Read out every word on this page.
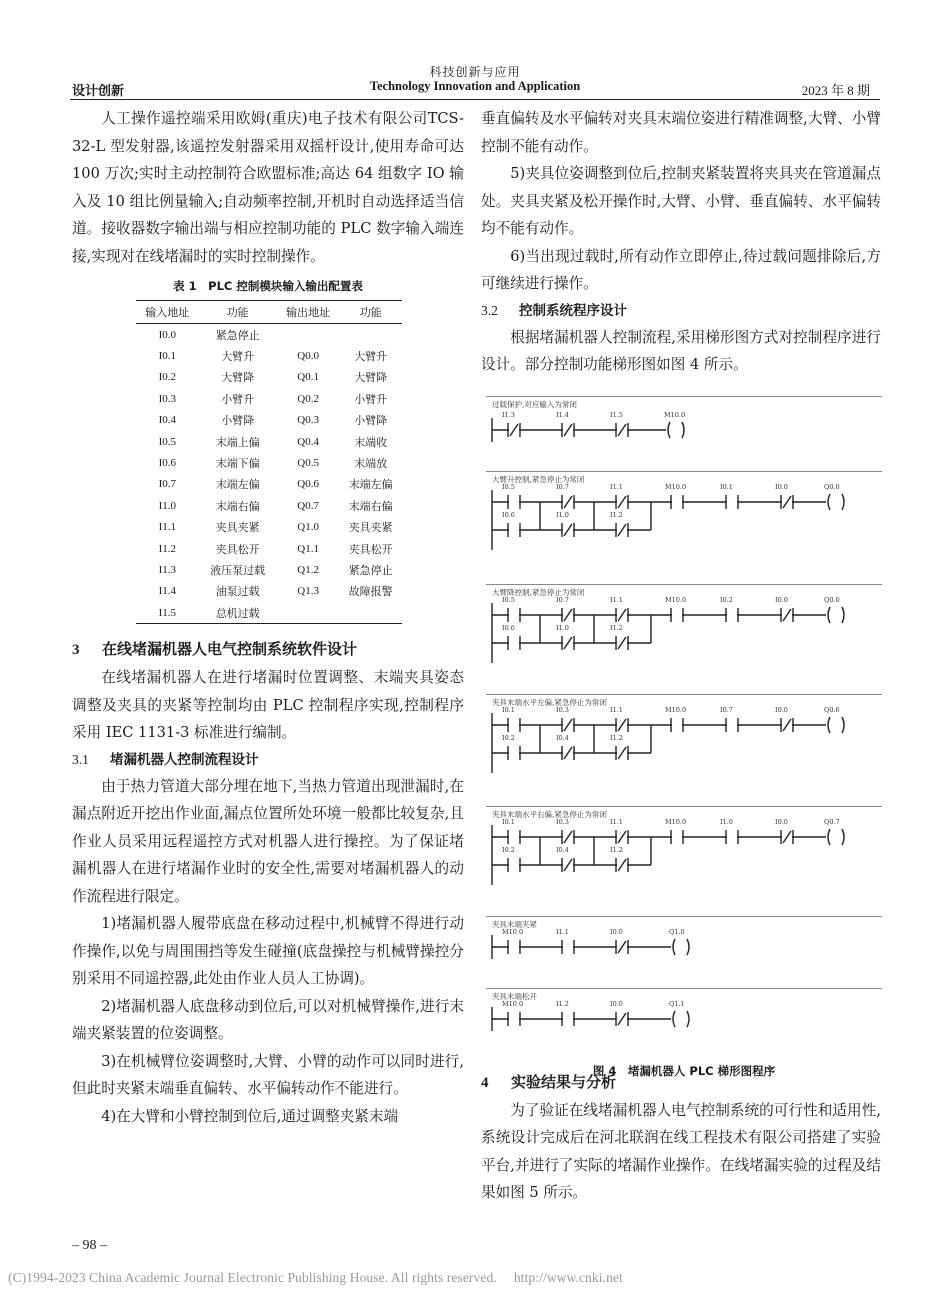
科技创新与应用
Technology Innovation and Application
设计创新	2023 年 8 期

人工操作遥控端采用欧姆(重庆)电子技术有限公司TCS-32-L 型发射器,该遥控发射器采用双摇杆设计,使用寿命可达 100 万次;实时主动控制符合欧盟标准;高达 64 组数字 IO 输入及 10 组比例量输入;自动频率控制,开机时自动选择适当信道。接收器数字输出端与相应控制功能的 PLC 数字输入端连接,实现对在线堵漏时的实时控制操作。

表 1　PLC 控制模块输入输出配置表
输入地址	功能	输出地址	功能
I0.0	紧急停止		
I0.1	大臂升	Q0.0	大臂升
I0.2	大臂降	Q0.1	大臂降
I0.3	小臂升	Q0.2	小臂升
I0.4	小臂降	Q0.3	小臂降
I0.5	末端上偏	Q0.4	末端收
I0.6	末端下偏	Q0.5	末端放
I0.7	末端左偏	Q0.6	末端左偏
I1.0	末端右偏	Q0.7	末端右偏
I1.1	夹具夹紧	Q1.0	夹具夹紧
I1.2	夹具松开	Q1.1	夹具松开
I1.3	液压泵过载	Q1.2	紧急停止
I1.4	油泵过载	Q1.3	故障报警
I1.5	总机过载		
3 在线堵漏机器人电气控制系统软件设计

在线堵漏机器人在进行堵漏时位置调整、末端夹具姿态调整及夹具的夹紧等控制均由 PLC 控制程序实现,控制程序采用 IEC 1131-3 标准进行编制。

3.1 堵漏机器人控制流程设计

由于热力管道大部分埋在地下,当热力管道出现泄漏时,在漏点附近开挖出作业面,漏点位置所处环境一般都比较复杂,且作业人员采用远程遥控方式对机器人进行操控。为了保证堵漏机器人在进行堵漏作业时的安全性,需要对堵漏机器人的动作流程进行限定。

1)堵漏机器人履带底盘在移动过程中,机械臂不得进行动作操作,以免与周围围挡等发生碰撞(底盘操控与机械臂操控分别采用不同遥控器,此处由作业人员人工协调)。

2)堵漏机器人底盘移动到位后,可以对机械臂操作,进行末端夹紧装置的位姿调整。

3)在机械臂位姿调整时,大臂、小臂的动作可以同时进行,但此时夹紧末端垂直偏转、水平偏转动作不能进行。

4)在大臂和小臂控制到位后,通过调整夹紧末端

垂直偏转及水平偏转对夹具末端位姿进行精准调整,大臂、小臂控制不能有动作。

5)夹具位姿调整到位后,控制夹紧装置将夹具夹在管道漏点处。夹具夹紧及松开操作时,大臂、小臂、垂直偏转、水平偏转均不能有动作。

6)当出现过载时,所有动作立即停止,待过载问题排除后,方可继续进行操作。

3.2 控制系统程序设计

根据堵漏机器人控制流程,采用梯形图方式对控制程序进行设计。部分控制功能梯形图如图 4 所示。

4 实验结果与分析

为了验证在线堵漏机器人电气控制系统的可行性和适用性,系统设计完成后在河北联润在线工程技术有限公司搭建了实验平台,并进行了实际的堵漏作业操作。在线堵漏实验的过程及结果如图 5 所示。

过载保护,对应输入为常闭
I1.3	I1.4	I1.5	M10.0
大臂升控制,紧急停止为常闭
I0.5	I0.7	I1.1	M10.0	I0.1	I0.0
I0.6	I1.0	I1.2
Q0.0
大臂降控制,紧急停止为常闭
I0.5	I0.7	I1.1	M10.0	I0.2	I0.0
I0.6	I1.0	I1.2
Q0.0
夹具末端水平左偏,紧急停止为常闭
I0.1	I0.3	I1.1	M10.0	I0.7	I0.0
I0.2	I0.4	I1.2
Q0.6
夹具末端水平右偏,紧急停止为常闭
I0.1	I0.3	I1.1	M10.0	I1.0	I0.0
I0.2	I0.4	I1.2
Q0.7
夹具末端夹紧
M10.0	I1.1	I0.0	Q1.0
夹具末端松开
M10.0	I1.2	I0.0	Q1.1
图 4　堵漏机器人 PLC 梯形图程序
– 98 –
(C)1994-2023 China Academic Journal Electronic Publishing House. All rights reserved.　 http://www.cnki.net
